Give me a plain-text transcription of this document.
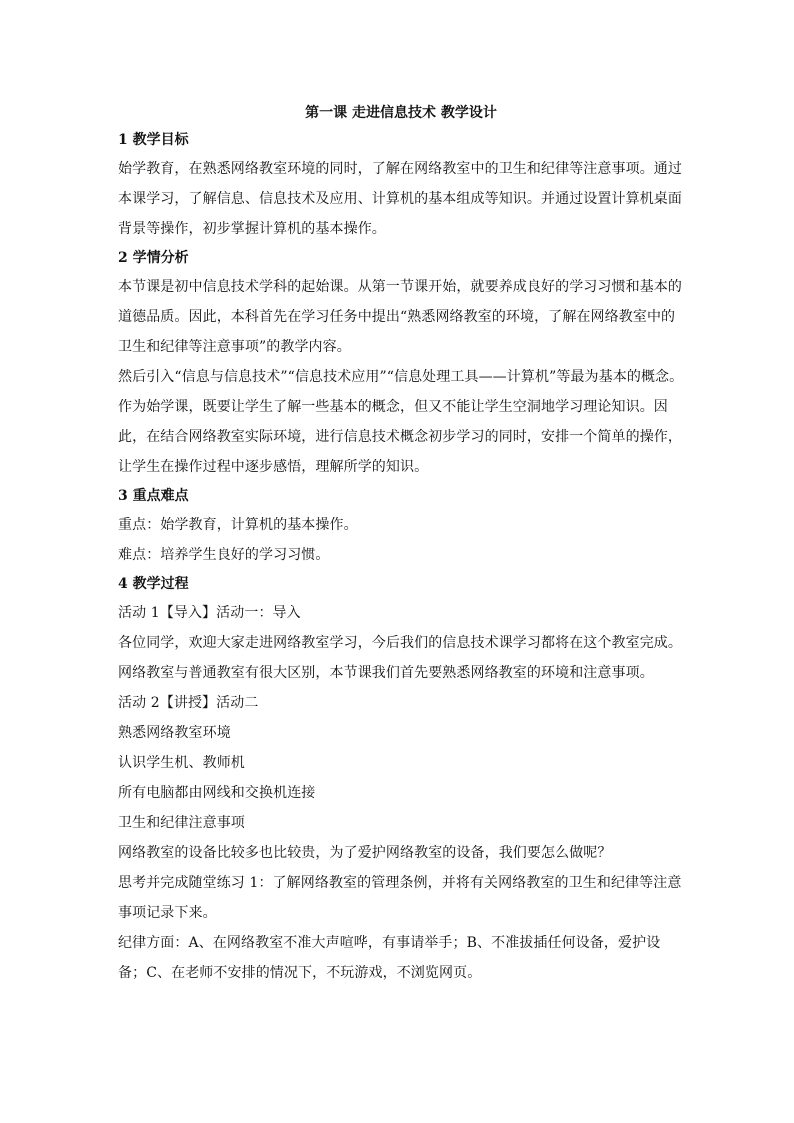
第一课 走进信息技术 教学设计

1 教学目标

始学教育，在熟悉网络教室环境的同时，了解在网络教室中的卫生和纪律等注意事项。通过本课学习，了解信息、信息技术及应用、计算机的基本组成等知识。并通过设置计算机桌面背景等操作，初步掌握计算机的基本操作。

2 学情分析

本节课是初中信息技术学科的起始课。从第一节课开始，就要养成良好的学习习惯和基本的道德品质。因此，本科首先在学习任务中提出“熟悉网络教室的环境，了解在网络教室中的卫生和纪律等注意事项”的教学内容。

然后引入“信息与信息技术”“信息技术应用”“信息处理工具——计算机”等最为基本的概念。作为始学课，既要让学生了解一些基本的概念，但又不能让学生空洞地学习理论知识。因此，在结合网络教室实际环境，进行信息技术概念初步学习的同时，安排一个简单的操作，让学生在操作过程中逐步感悟，理解所学的知识。

3 重点难点

重点：始学教育，计算机的基本操作。

难点：培养学生良好的学习习惯。

4 教学过程

活动 1【导入】活动一：导入

各位同学，欢迎大家走进网络教室学习，今后我们的信息技术课学习都将在这个教室完成。网络教室与普通教室有很大区别，本节课我们首先要熟悉网络教室的环境和注意事项。

活动 2【讲授】活动二

熟悉网络教室环境

认识学生机、教师机

所有电脑都由网线和交换机连接

卫生和纪律注意事项

网络教室的设备比较多也比较贵，为了爱护网络教室的设备，我们要怎么做呢？

思考并完成随堂练习 1：了解网络教室的管理条例，并将有关网络教室的卫生和纪律等注意事项记录下来。

纪律方面：A、在网络教室不准大声喧哗，有事请举手；B、不准拔插任何设备，爱护设备；C、在老师不安排的情况下，不玩游戏，不浏览网页。
